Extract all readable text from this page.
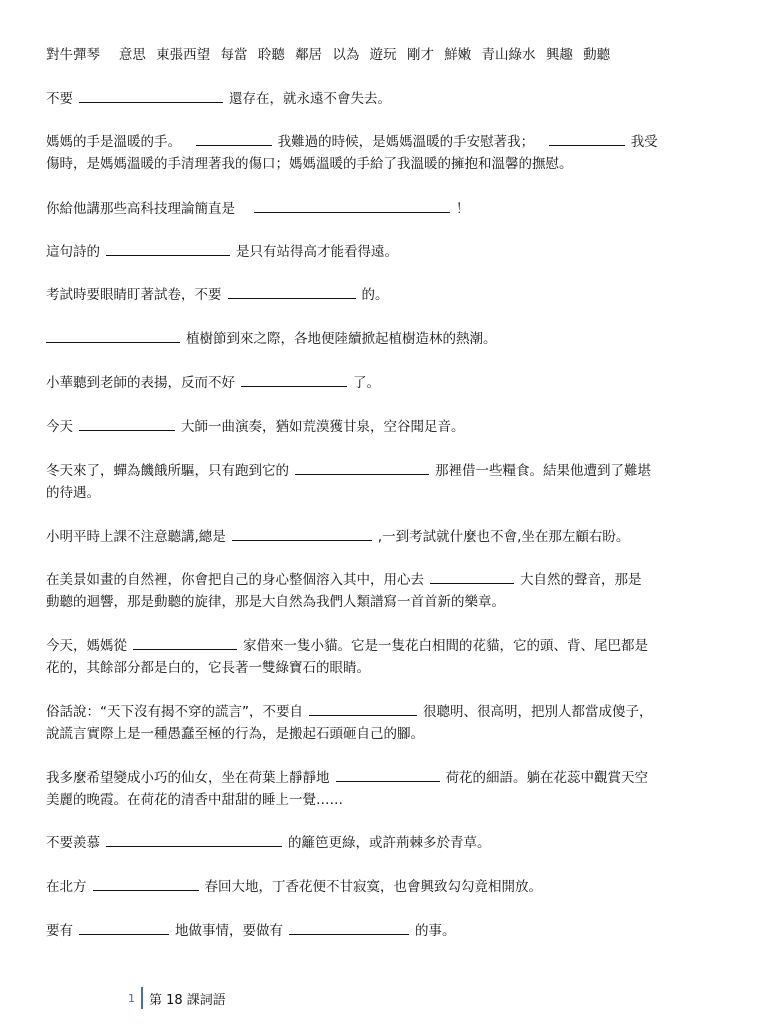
對牛彈琴 意思 東張西望 每當 聆聽 鄰居 以為 遊玩 剛才 鮮嫩 青山綠水 興趣 動聽
不要	還存在，就永遠不會失去。
媽媽的手是溫暖的手。	我難過的時候，是媽媽溫暖的手安慰著我；	我受
傷時，是媽媽溫暖的手清理著我的傷口；媽媽溫暖的手給了我溫暖的擁抱和溫馨的撫慰。
你給他講那些高科技理論簡直是	！
這句詩的	是只有站得高才能看得遠。
考試時要眼睛盯著試卷，不要	的。
植樹節到來之際，各地便陸續掀起植樹造林的熱潮。
小華聽到老師的表揚，反而不好	了。
今天	大師一曲演奏，猶如荒漠獲甘泉，空谷聞足音。
冬天來了，蟬為饑餓所驅，只有跑到它的	那裡借一些糧食。結果他遭到了難堪
的待遇。
小明平時上課不注意聽講,總是	,一到考試就什麼也不會,坐在那左顧右盼。
在美景如畫的自然裡，你會把自己的身心整個溶入其中，用心去	大自然的聲音，那是
動聽的迴響，那是動聽的旋律，那是大自然為我們人類譜寫一首首新的樂章。
今天，媽媽從	家借來一隻小貓。它是一隻花白相間的花貓，它的頭、背、尾巴都是
花的，其餘部分都是白的，它長著一雙綠寶石的眼睛。
俗話說：“天下沒有揭不穿的謊言”，不要自	很聰明、很高明，把別人都當成傻子，
說謊言實際上是一種愚蠢至極的行為，是搬起石頭砸自己的腳。
我多麼希望變成小巧的仙女，坐在荷葉上靜靜地	荷花的細語。躺在花蕊中觀賞天空
美麗的晚霞。在荷花的清香中甜甜的睡上一覺……
不要羨慕	的籬笆更綠，或許荊棘多於青草。
在北方	春回大地，丁香花便不甘寂寞，也會興致勾勾竟相開放。
要有	地做事情，要做有	的事。
1 第 18 課詞語
